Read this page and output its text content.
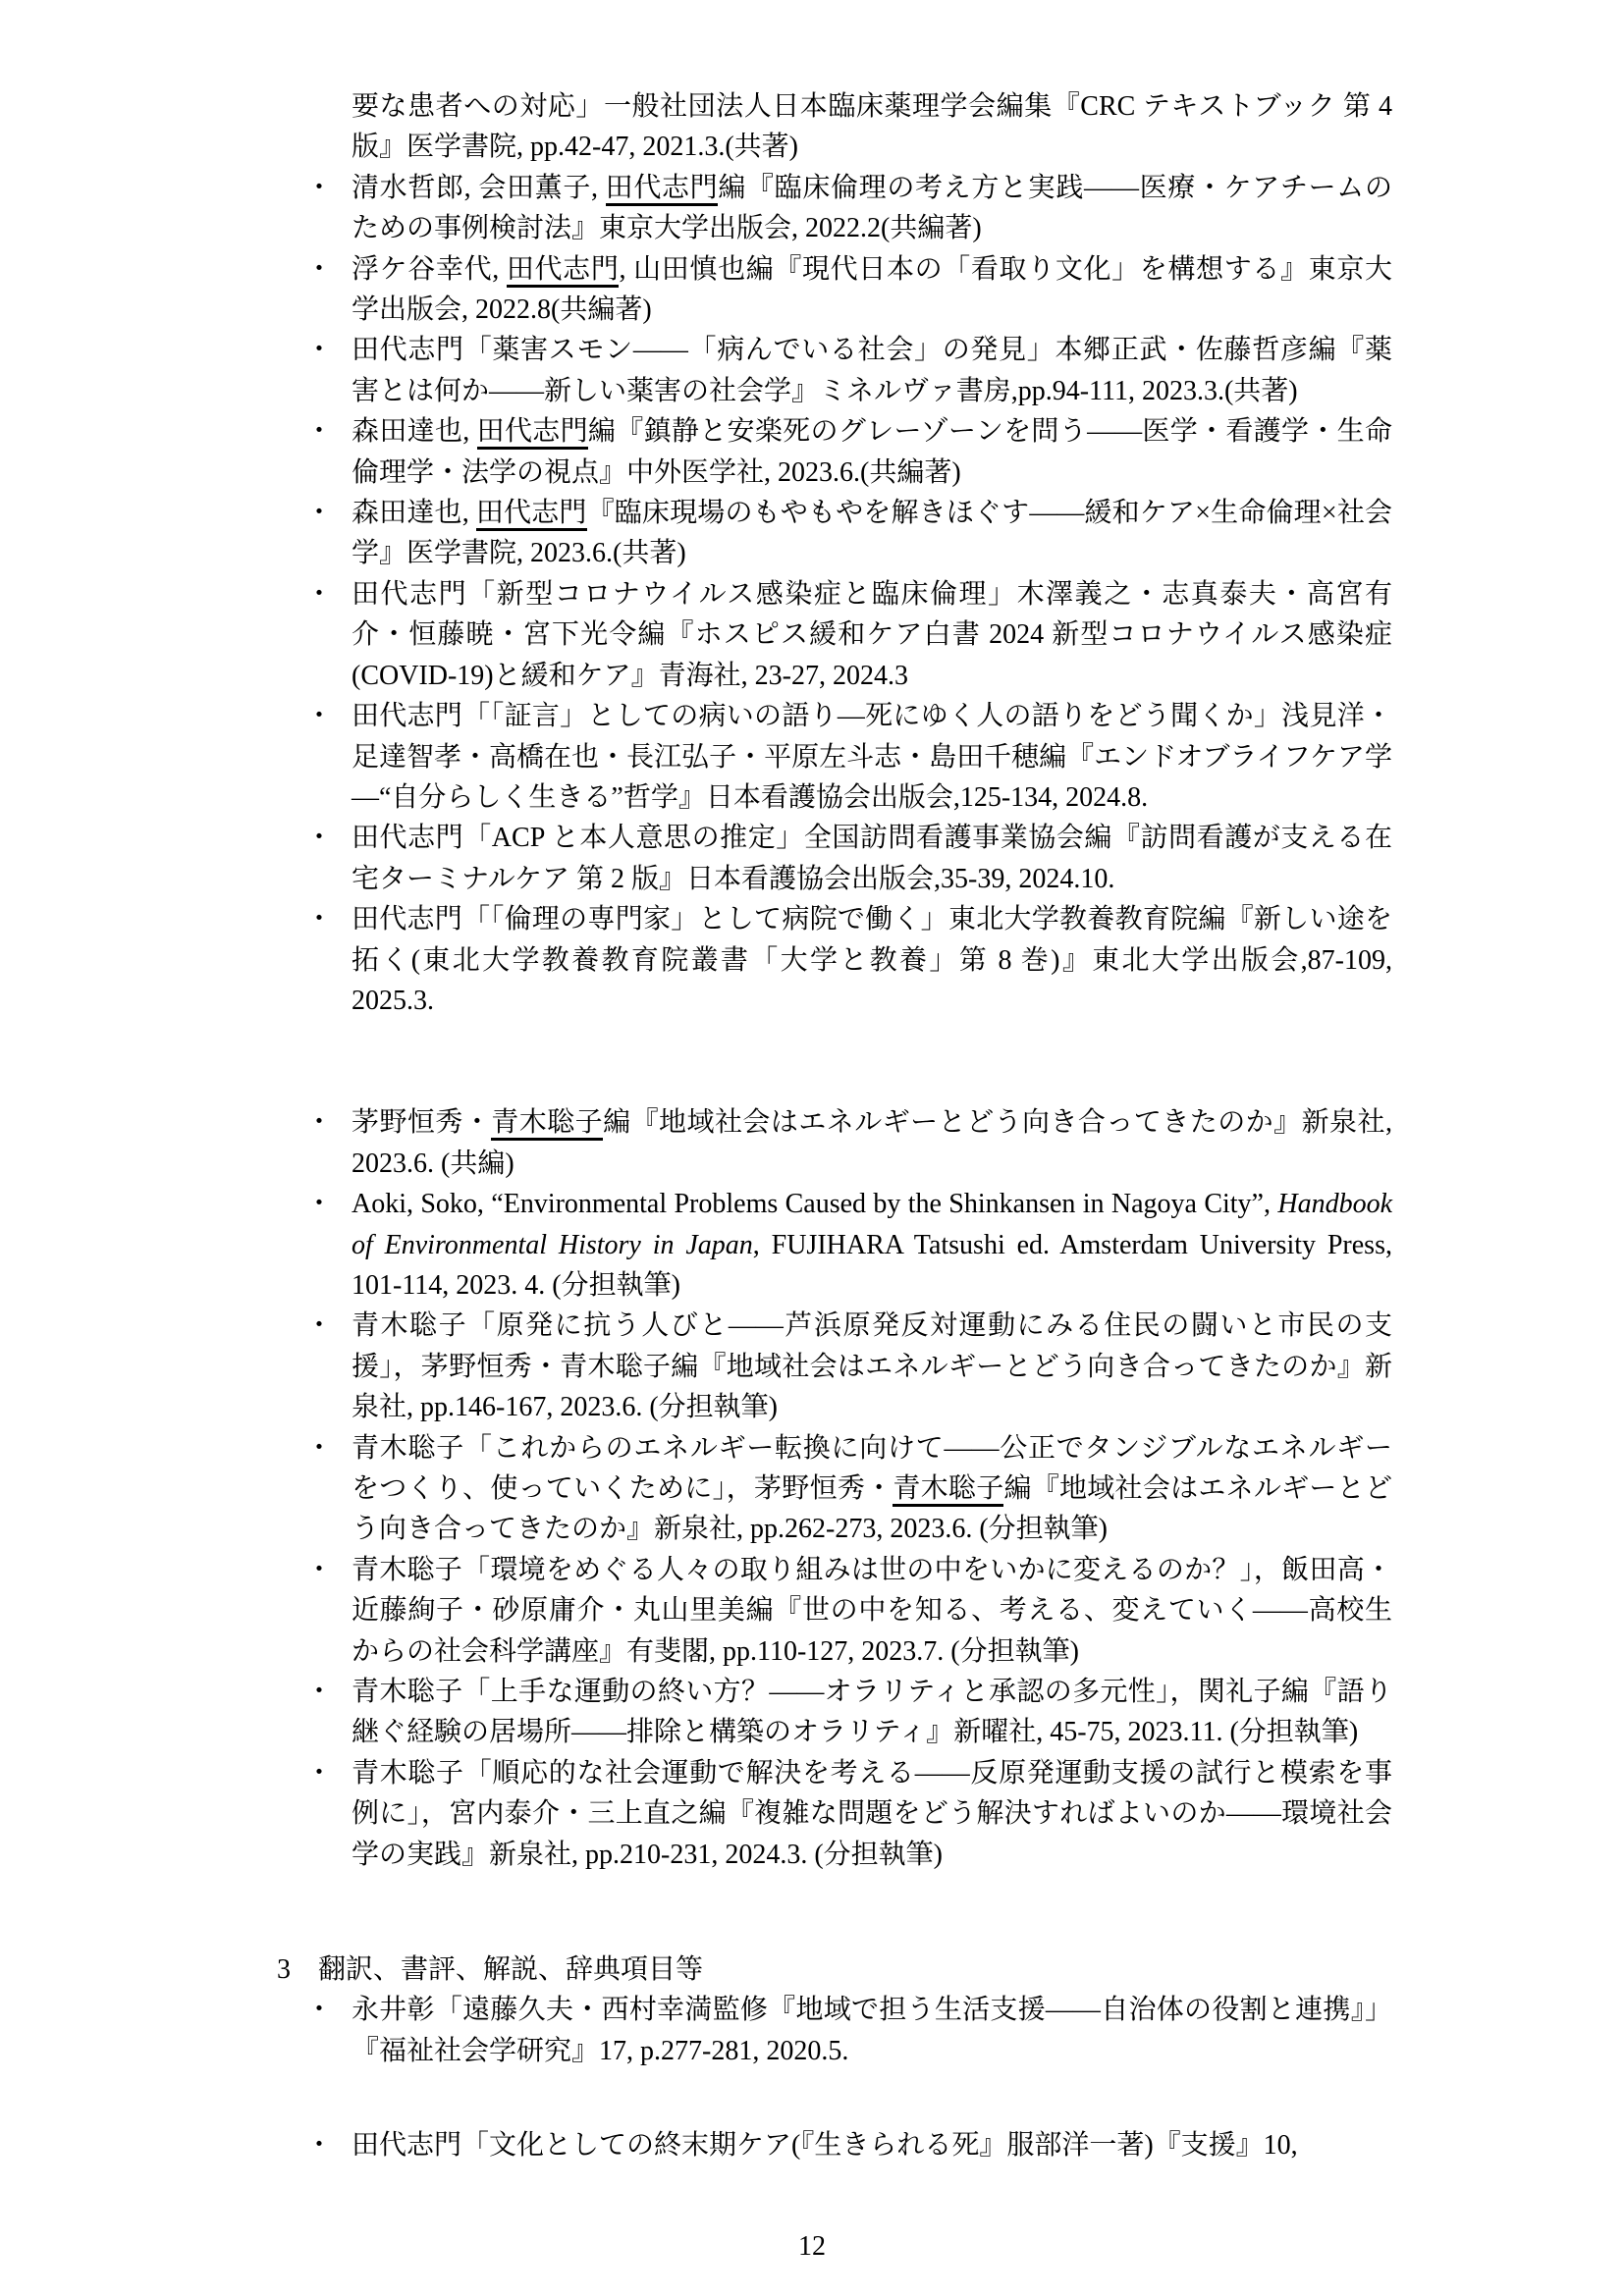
要な患者への対応」一般社団法人日本臨床薬理学会編集『CRC テキストブック 第 4 版』医学書院, pp.42-47, 2021.3.(共著)
・ 清水哲郎, 会田薫子, 田代志門編『臨床倫理の考え方と実践――医療・ケアチームのための事例検討法』東京大学出版会, 2022.2(共編著)
・ 浮ケ谷幸代, 田代志門, 山田慎也編『現代日本の「看取り文化」を構想する』東京大学出版会, 2022.8(共編著)
・ 田代志門「薬害スモン――「病んでいる社会」の発見」本郷正武・佐藤哲彦編『薬害とは何か――新しい薬害の社会学』ミネルヴァ書房,pp.94-111, 2023.3.(共著)
・ 森田達也, 田代志門編『鎮静と安楽死のグレーゾーンを問う――医学・看護学・生命倫理学・法学の視点』中外医学社, 2023.6.(共編著)
・ 森田達也, 田代志門『臨床現場のもやもやを解きほぐす――緩和ケア×生命倫理×社会学』医学書院, 2023.6.(共著)
・ 田代志門「新型コロナウイルス感染症と臨床倫理」木澤義之・志真泰夫・高宮有介・恒藤暁・宮下光令編『ホスピス緩和ケア白書 2024 新型コロナウイルス感染症(COVID-19)と緩和ケア』青海社, 23-27, 2024.3
・ 田代志門「「証言」としての病いの語り―死にゆく人の語りをどう聞くか」浅見洋・足達智孝・高橋在也・長江弘子・平原左斗志・島田千穂編『エンドオブライフケア学―“自分らしく生きる”哲学』日本看護協会出版会,125-134, 2024.8.
・ 田代志門「ACP と本人意思の推定」全国訪問看護事業協会編『訪問看護が支える在宅ターミナルケア 第 2 版』日本看護協会出版会,35-39, 2024.10.
・ 田代志門「「倫理の専門家」として病院で働く」東北大学教養教育院編『新しい途を拓く(東北大学教養教育院叢書「大学と教養」第 8 巻)』東北大学出版会,87-109, 2025.3.
・ 茅野恒秀・青木聡子編『地域社会はエネルギーとどう向き合ってきたのか』新泉社, 2023.6. (共編)
・ Aoki, Soko, “Environmental Problems Caused by the Shinkansen in Nagoya City”, Handbook of Environmental History in Japan, FUJIHARA Tatsushi ed. Amsterdam University Press, 101-114, 2023. 4. (分担執筆)
・ 青木聡子「原発に抗う人びと――芦浜原発反対運動にみる住民の闘いと市民の支援」，茅野恒秀・青木聡子編『地域社会はエネルギーとどう向き合ってきたのか』新泉社, pp.146-167, 2023.6. (分担執筆)
・ 青木聡子「これからのエネルギー転換に向けて――公正でタンジブルなエネルギーをつくり、使っていくために」，茅野恒秀・青木聡子編『地域社会はエネルギーとどう向き合ってきたのか』新泉社, pp.262-273, 2023.6. (分担執筆)
・ 青木聡子「環境をめぐる人々の取り組みは世の中をいかに変えるのか？」，飯田高・近藤絢子・砂原庸介・丸山里美編『世の中を知る、考える、変えていく――高校生からの社会科学講座』有斐閣, pp.110-127, 2023.7. (分担執筆)
・ 青木聡子「上手な運動の終い方？――オラリティと承認の多元性」，関礼子編『語り継ぐ経験の居場所――排除と構築のオラリティ』新曜社, 45-75, 2023.11. (分担執筆)
・ 青木聡子「順応的な社会運動で解決を考える――反原発運動支援の試行と模索を事例に」，宮内泰介・三上直之編『複雑な問題をどう解決すればよいのか――環境社会学の実践』新泉社, pp.210-231, 2024.3. (分担執筆)
3　翻訳、書評、解説、辞典項目等
・ 永井彰「遠藤久夫・西村幸満監修『地域で担う生活支援――自治体の役割と連携』」『福祉社会学研究』17, p.277-281, 2020.5.
・ 田代志門「文化としての終末期ケア(『生きられる死』服部洋一著)『支援』10,
12
